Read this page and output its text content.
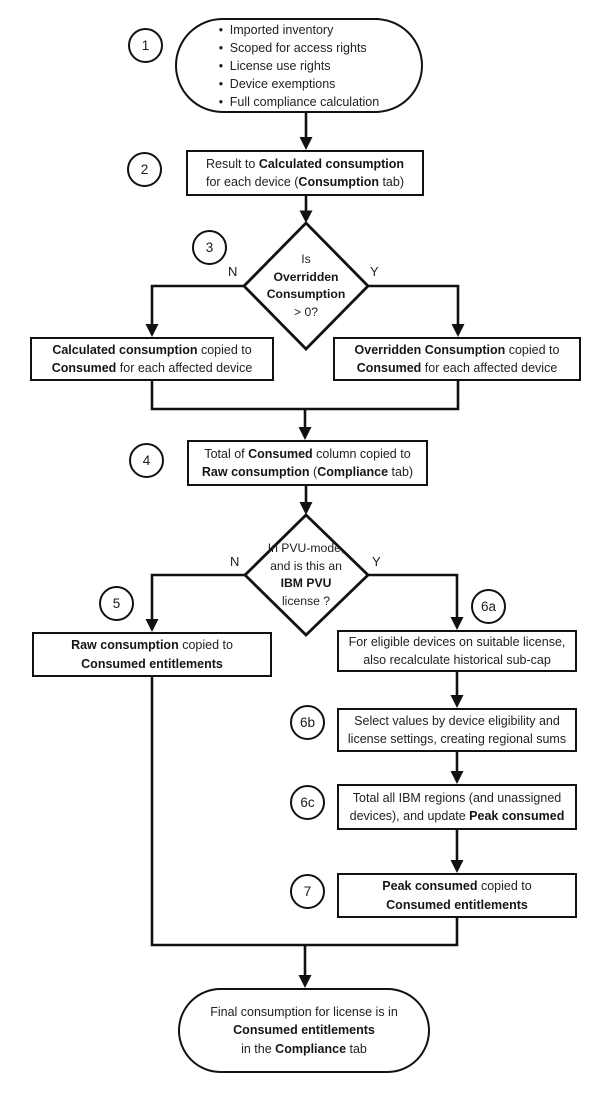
1
2
3
4
5	6a
6b
6c
7
• Imported inventory
• Scoped for access rights
• License use rights
• Device exemptions
• Full compliance calculation
Result to Calculated consumption
for each device (Consumption tab)
Is
Overridden
Consumption
> 0?
N	Y
Calculated consumption copied to
Consumed for each affected device
Overridden Consumption copied to
Consumed for each affected device
Total of Consumed column copied to
Raw consumption (Compliance tab)
In PVU-mode,
and is this an
IBM PVU
license ?
N	Y
Raw consumption copied to
Consumed entitlements
For eligible devices on suitable license,
also recalculate historical sub-cap
Select values by device eligibility and
license settings, creating regional sums
Total all IBM regions (and unassigned
devices), and update Peak consumed
Peak consumed copied to
Consumed entitlements
Final consumption for license is in
Consumed entitlements
in the Compliance tab
